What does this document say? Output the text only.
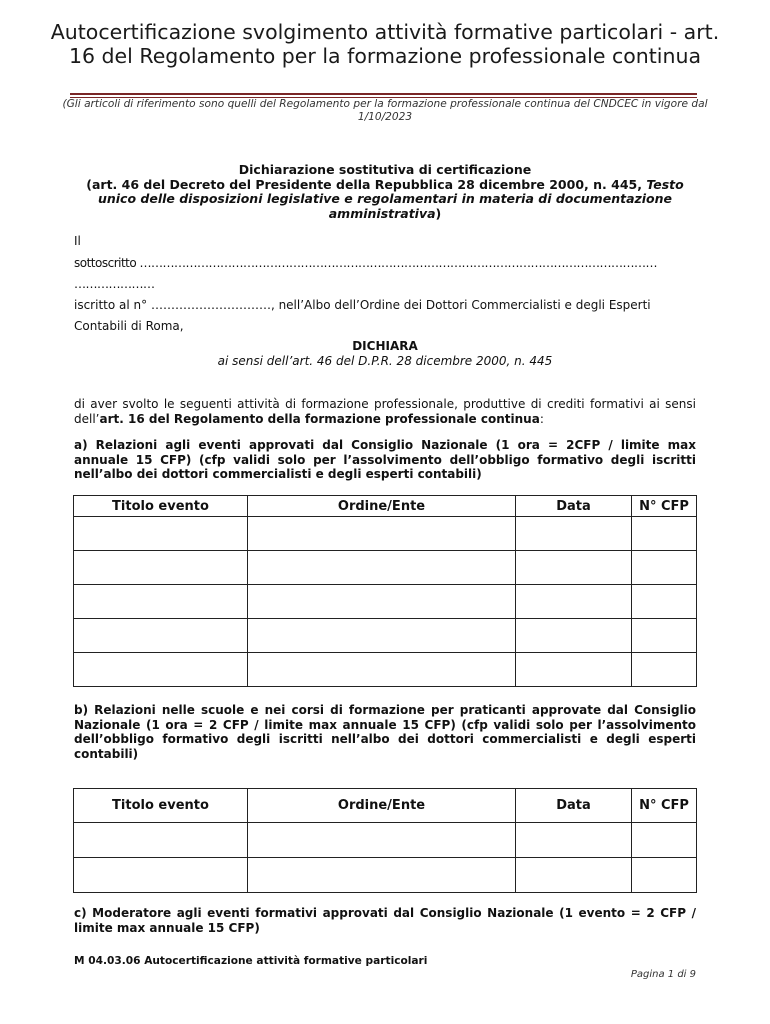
Autocertificazione svolgimento attività formative particolari - art. 16 del Regolamento per la formazione professionale continua
(Gli articoli di riferimento sono quelli del Regolamento per la formazione professionale continua del CNDCEC in vigore dal 1/10/2023
Dichiarazione sostitutiva di certificazione
(art. 46 del Decreto del Presidente della Repubblica 28 dicembre 2000, n. 445, Testo unico delle disposizioni legislative e regolamentari in materia di documentazione amministrativa)
Il
sottoscritto ………………………………………………………………………………………………………………………
…………………
iscritto al n° …………………………, nell’Albo dell’Ordine dei Dottori Commercialisti e degli Esperti
Contabili di Roma,
DICHIARA
ai sensi dell’art. 46 del D.P.R. 28 dicembre 2000, n. 445
di aver svolto le seguenti attività di formazione professionale, produttive di crediti formativi ai sensi dell’art. 16 del Regolamento della formazione professionale continua:
a) Relazioni agli eventi approvati dal Consiglio Nazionale (1 ora = 2CFP / limite max annuale 15 CFP) (cfp validi solo per l’assolvimento dell’obbligo formativo degli iscritti nell’albo dei dottori commercialisti e degli esperti contabili)
Titolo evento	Ordine/Ente	Data	N° CFP

b) Relazioni nelle scuole e nei corsi di formazione per praticanti approvate dal Consiglio Nazionale (1 ora = 2 CFP / limite max annuale 15 CFP) (cfp validi solo per l’assolvimento dell’obbligo formativo degli iscritti nell’albo dei dottori commercialisti e degli esperti contabili)
Titolo evento	Ordine/Ente	Data	N° CFP

c) Moderatore agli eventi formativi approvati dal Consiglio Nazionale (1 evento = 2 CFP / limite max annuale 15 CFP)
M 04.03.06 Autocertificazione attività formative particolari
Pagina 1 di 9
